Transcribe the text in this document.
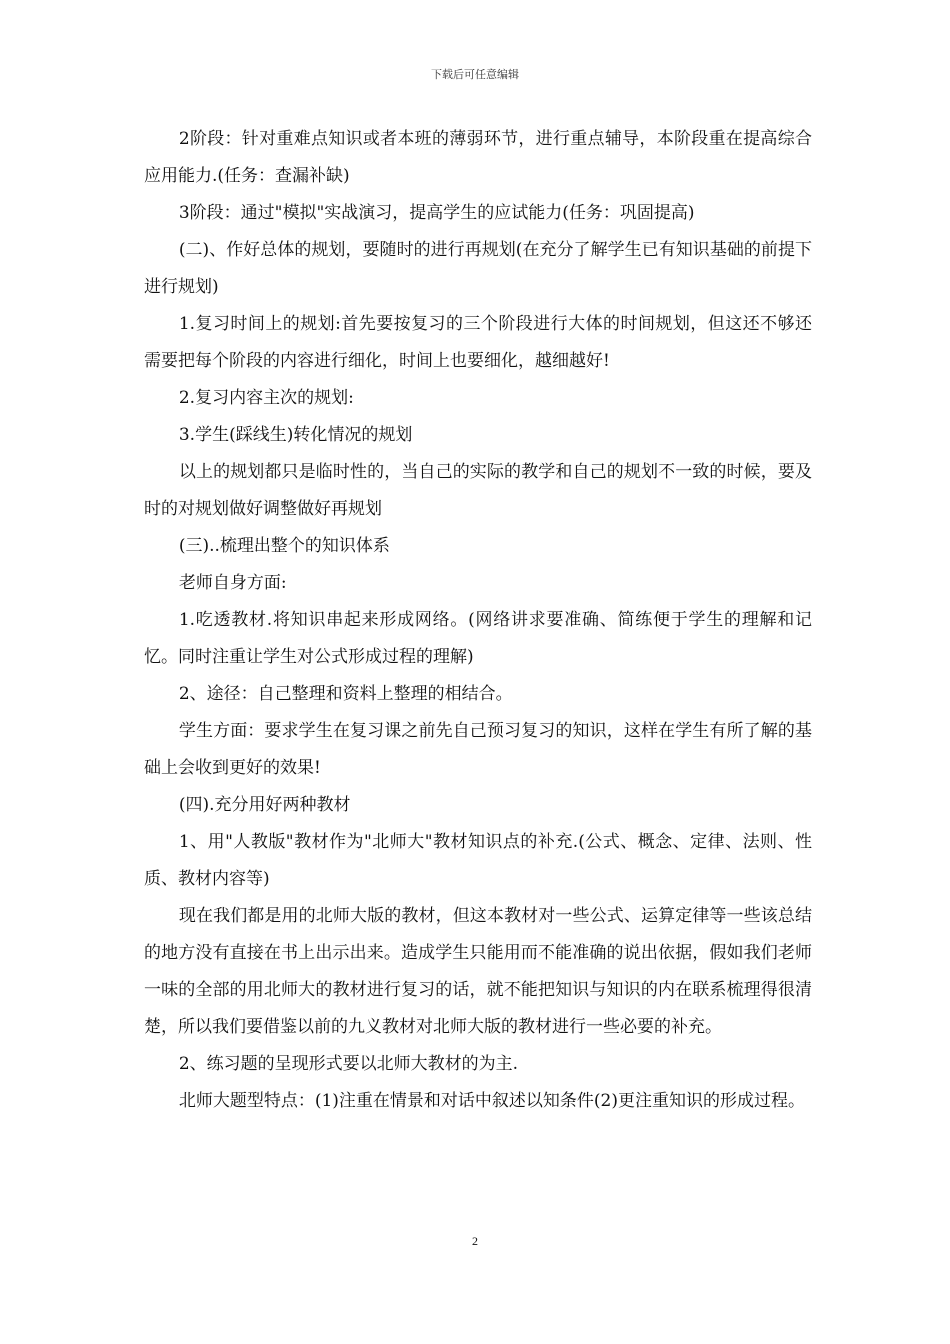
下载后可任意编辑

2阶段：针对重难点知识或者本班的薄弱环节，进行重点辅导，本阶段重在提高综合应用能力.(任务：查漏补缺)

3阶段：通过"模拟"实战演习，提高学生的应试能力(任务：巩固提高)

(二)、作好总体的规划，要随时的进行再规划(在充分了解学生已有知识基础的前提下进行规划)

1.复习时间上的规划:首先要按复习的三个阶段进行大体的时间规划，但这还不够还需要把每个阶段的内容进行细化，时间上也要细化，越细越好!

2.复习内容主次的规划:

3.学生(踩线生)转化情况的规划

以上的规划都只是临时性的，当自己的实际的教学和自己的规划不一致的时候，要及时的对规划做好调整做好再规划

(三)..梳理出整个的知识体系

老师自身方面:

1.吃透教材.将知识串起来形成网络。(网络讲求要准确、简练便于学生的理解和记忆。同时注重让学生对公式形成过程的理解)

2、途径：自己整理和资料上整理的相结合。

学生方面：要求学生在复习课之前先自己预习复习的知识，这样在学生有所了解的基础上会收到更好的效果!

(四).充分用好两种教材

1、用"人教版"教材作为"北师大"教材知识点的补充.(公式、概念、定律、法则、性质、教材内容等)

现在我们都是用的北师大版的教材，但这本教材对一些公式、运算定律等一些该总结的地方没有直接在书上出示出来。造成学生只能用而不能准确的说出依据，假如我们老师一味的全部的用北师大的教材进行复习的话，就不能把知识与知识的内在联系梳理得很清楚，所以我们要借鉴以前的九义教材对北师大版的教材进行一些必要的补充。

2、练习题的呈现形式要以北师大教材的为主.

北师大题型特点：(1)注重在情景和对话中叙述以知条件(2)更注重知识的形成过程。

2
